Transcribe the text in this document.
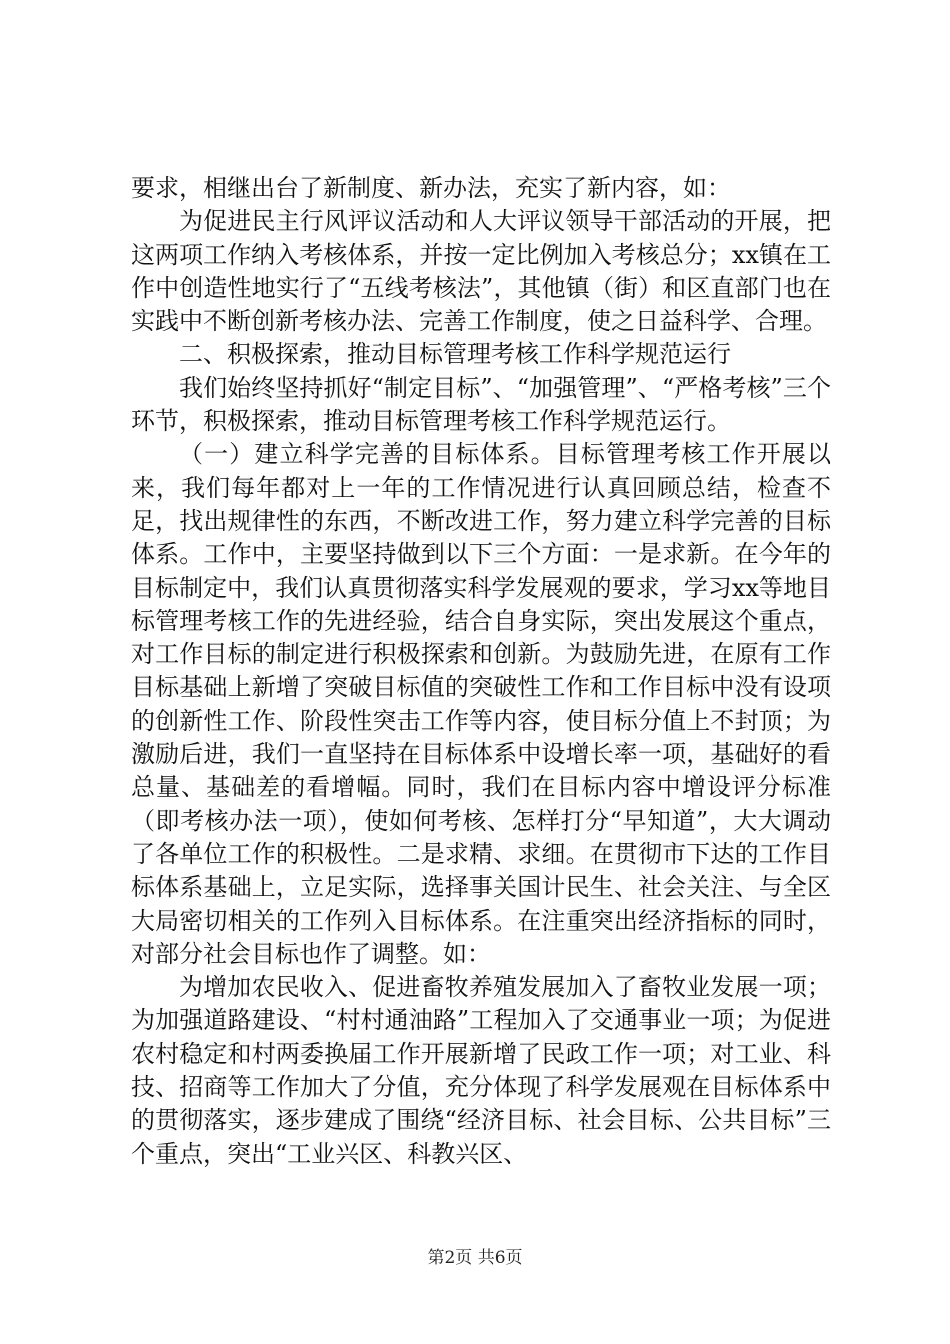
要求，相继出台了新制度、新办法，充实了新内容，如：

为促进民主行风评议活动和人大评议领导干部活动的开展，把这两项工作纳入考核体系，并按一定比例加入考核总分；xx镇在工作中创造性地实行了“五线考核法”，其他镇（街）和区直部门也在实践中不断创新考核办法、完善工作制度，使之日益科学、合理。

二、积极探索，推动目标管理考核工作科学规范运行

我们始终坚持抓好“制定目标”、“加强管理”、“严格考核”三个环节，积极探索，推动目标管理考核工作科学规范运行。

（一）建立科学完善的目标体系。目标管理考核工作开展以来，我们每年都对上一年的工作情况进行认真回顾总结，检查不足，找出规律性的东西，不断改进工作，努力建立科学完善的目标体系。工作中，主要坚持做到以下三个方面：一是求新。在今年的目标制定中，我们认真贯彻落实科学发展观的要求，学习xx等地目标管理考核工作的先进经验，结合自身实际，突出发展这个重点，对工作目标的制定进行积极探索和创新。为鼓励先进，在原有工作目标基础上新增了突破目标值的突破性工作和工作目标中没有设项的创新性工作、阶段性突击工作等内容，使目标分值上不封顶；为激励后进，我们一直坚持在目标体系中设增长率一项，基础好的看总量、基础差的看增幅。同时，我们在目标内容中增设评分标准（即考核办法一项），使如何考核、怎样打分“早知道”，大大调动了各单位工作的积极性。二是求精、求细。在贯彻市下达的工作目标体系基础上，立足实际，选择事关国计民生、社会关注、与全区大局密切相关的工作列入目标体系。在注重突出经济指标的同时，对部分社会目标也作了调整。如：

为增加农民收入、促进畜牧养殖发展加入了畜牧业发展一项；为加强道路建设、“村村通油路”工程加入了交通事业一项；为促进农村稳定和村两委换届工作开展新增了民政工作一项；对工业、科技、招商等工作加大了分值，充分体现了科学发展观在目标体系中的贯彻落实，逐步建成了围绕“经济目标、社会目标、公共目标”三个重点，突出“工业兴区、科教兴区、

第2页 共6页
